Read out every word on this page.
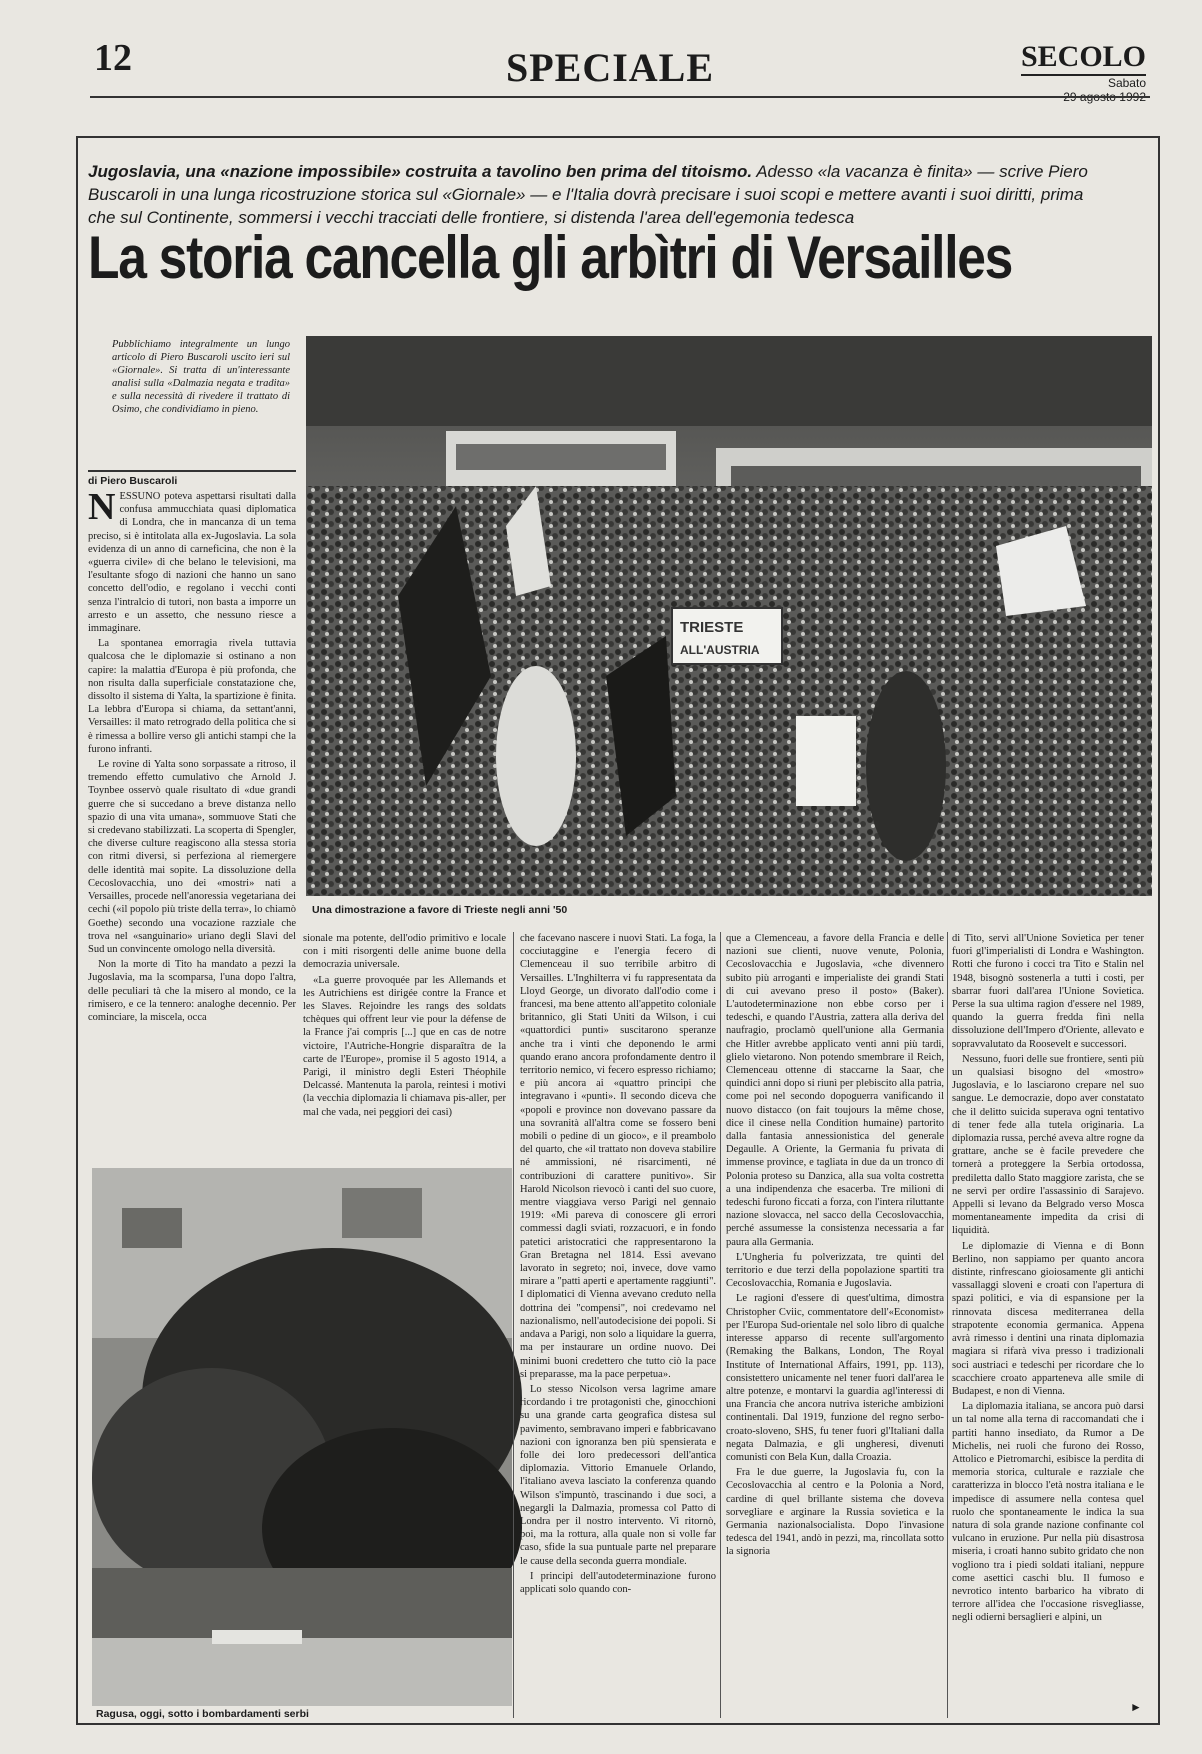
12	SPECIALE	SECOLO
Sabato
Jugoslavia, una «nazione impossibile» costruita a tavolino ben prima del titoismo. Adesso «la vacanza è finita» — scrive Piero Buscaroli in una lunga ricostruzione storica sul «Giornale» — e l'Italia dovrà precisare i suoi scopi e mettere avanti i suoi diritti, prima che sul Continente, sommersi i vecchi tracciati delle frontiere, si distenda l'area dell'egemonia tedesca
La storia cancella gli arbìtri di Versailles
Pubblichiamo integralmente un lungo articolo di Piero Buscaroli uscito ieri sul «Giornale». Si tratta di un'interessante analisi sulla «Dalmazia negata e tradita» e sulla necessità di rivedere il trattato di Osimo, che condividiamo in pieno.
di Piero Buscaroli
TRIESTE
ALL'AUSTRIA
Una dimostrazione a favore di Trieste negli anni '50
N ESSUNO poteva aspettarsi risultati dalla confusa ammucchiata quasi diplomatica di Londra, che in mancanza di un tema preciso, si è intitolata alla ex-Jugoslavia. La sola evidenza di un anno di carneficina, che non è la «guerra civile» di che belano le televisioni, ma l'esultante sfogo di nazioni che hanno un sano concetto dell'odio, e regolano i vecchi conti senza l'intralcio di tutori, non basta a imporre un arresto e un assetto, che nessuno riesce a immaginare.

La spontanea emorragia rivela tuttavia qualcosa che le diplomazie si ostinano a non capire: la malattia d'Europa è più profonda, che non risulta dalla superficiale constatazione che, dissolto il sistema di Yalta, la spartizione è finita. La lebbra d'Europa si chiama, da settant'anni, Versailles: il mato retrogrado della politica che si è rimessa a bollire verso gli antichi stampi che la furono infranti.

Le rovine di Yalta sono sorpassate a ritroso, il tremendo effetto cumulativo che Arnold J. Toynbee osservò quale risultato di «due grandi guerre che si succedano a breve distanza nello spazio di una vita umana», sommuove Stati che si credevano stabilizzati. La scoperta di Spengler, che diverse culture reagiscono alla stessa storia con ritmi diversi, si perfeziona al riemergere delle identità mai sopite. La dissoluzione della Cecoslovacchia, uno dei «mostri» nati a Versailles, procede nell'anoressia vegetariana dei cechi («il popolo più triste della terra», lo chiamò Goethe) secondo una vocazione razziale che trova nel «sanguinario» uriano degli Slavi del Sud un convincente omologo nella diversità.

Non la morte di Tito ha mandato a pezzi la Jugoslavia, ma la scomparsa, l'una dopo l'altra, delle peculiari tà che la misero al mondo, ce la rimisero, e ce la tennero: analoghe decennio. Per cominciare, la miscela, occa

sionale ma potente, dell'odio primitivo e locale con i miti risorgenti delle anime buone della democrazia universale.

«La guerre provoquée par les Allemands et les Autrichiens est dirigée contre la France et les Slaves. Rejoindre les rangs des soldats tchèques qui offrent leur vie pour la défense de la France j'ai compris [...] que en cas de notre victoire, l'Autriche-Hongrie disparaîtra de la carte de l'Europe», promise il 5 agosto 1914, a Parigi, il ministro degli Esteri Théophile Delcassé. Mantenuta la parola, reintesi i motivi (la vecchia diplomazia li chiamava pis-aller, per mal che vada, nei peggiori dei casi)

Ragusa, oggi, sotto i bombardamenti serbi

che facevano nascere i nuovi Stati. La foga, la cocciutaggine e l'energia fecero di Clemenceau il suo terribile arbitro di Versailles. L'Inghilterra vi fu rappresentata da Lloyd George, un divorato dall'odio come i francesi, ma bene attento all'appetito coloniale britannico, gli Stati Uniti da Wilson, i cui «quattordici punti» suscitarono speranze anche tra i vinti che deponendo le armi quando erano ancora profondamente dentro il territorio nemico, vi fecero espresso richiamo; e più ancora ai «quattro principi che integravano i «punti». Il secondo diceva che «popoli e province non dovevano passare da una sovranità all'altra come se fossero beni mobili o pedine di un gioco», e il preambolo del quarto, che «il trattato non doveva stabilire né ammissioni, né risarcimenti, né contribuzioni di carattere punitivo». Sir Harold Nicolson rievocò i canti del suo cuore, mentre viaggiava verso Parigi nel gennaio 1919: «Mi pareva di conoscere gli errori commessi dagli sviati, rozzacuori, e in fondo patetici aristocratici che rappresentarono la Gran Bretagna nel 1814. Essi avevano lavorato in segreto; noi, invece, dove vamo mirare a "patti aperti e apertamente raggiunti". I diplomatici di Vienna avevano creduto nella dottrina dei "compensi", noi credevamo nel nazionalismo, nell'autodecisione dei popoli. Si andava a Parigi, non solo a liquidare la guerra, ma per instaurare un ordine nuovo. Dei minimi buoni credettero che tutto ciò la pace si preparasse, ma la pace perpetua».

Lo stesso Nicolson versa lagrime amare ricordando i tre protagonisti che, ginocchioni su una grande carta geografica distesa sul pavimento, sembravano imperi e fabbricavano nazioni con ignoranza ben più spensierata e folle dei loro predecessori dell'antica diplomazia. Vittorio Emanuele Orlando, l'italiano aveva lasciato la conferenza quando Wilson s'impuntò, trascinando i due soci, a negargli la Dalmazia, promessa col Patto di Londra per il nostro intervento. Vi ritornò, poi, ma la rottura, alla quale non si volle far caso, sfide la sua puntuale parte nel preparare le cause della seconda guerra mondiale.

I principi dell'autodeterminazione furono applicati solo quando con-

que a Clemenceau, a favore della Francia e delle nazioni sue clienti, nuove venute, Polonia, Cecoslovacchia e Jugoslavia, «che divennero subito più arroganti e imperialiste dei grandi Stati di cui avevano preso il posto» (Baker). L'autodeterminazione non ebbe corso per i tedeschi, e quando l'Austria, zattera alla deriva del naufragio, proclamò quell'unione alla Germania che Hitler avrebbe applicato venti anni più tardi, glielo vietarono. Non potendo smembrare il Reich, Clemenceau ottenne di staccarne la Saar, che quindici anni dopo si riunì per plebiscito alla patria, come poi nel secondo dopoguerra vanificando il nuovo distacco (on fait toujours la même chose, dice il cinese nella Condition humaine) partorito dalla fantasia annessionistica del generale Degaulle. A Oriente, la Germania fu privata di immense province, e tagliata in due da un tronco di Polonia proteso su Danzica, alla sua volta costretta a una indipendenza che esacerba. Tre milioni di tedeschi furono ficcati a forza, con l'intera riluttante nazione slovacca, nel sacco della Cecoslovacchia, perché assumesse la consistenza necessaria a far paura alla Germania.

L'Ungheria fu polverizzata, tre quinti del territorio e due terzi della popolazione spartiti tra Cecoslovacchia, Romania e Jugoslavia.

Le ragioni d'essere di quest'ultima, dimostra Christopher Cviic, commentatore dell'«Economist» per l'Europa Sud-orientale nel solo libro di qualche interesse apparso di recente sull'argomento (Remaking the Balkans, London, The Royal Institute of International Affairs, 1991, pp. 113), consistettero unicamente nel tener fuori dall'area le altre potenze, e montarvi la guardia agl'interessi di una Francia che ancora nutriva isteriche ambizioni continentali. Dal 1919, funzione del regno serbo-croato-sloveno, SHS, fu tener fuori gl'Italiani dalla negata Dalmazia, e gli ungheresi, divenuti comunisti con Bela Kun, dalla Croazia.

Fra le due guerre, la Jugoslavia fu, con la Cecoslovacchia al centro e la Polonia a Nord, cardine di quel brillante sistema che doveva sorvegliare e arginare la Russia sovietica e la Germania nazionalsocialista. Dopo l'invasione tedesca del 1941, andò in pezzi, ma, rincollata sotto la signoria

di Tito, servì all'Unione Sovietica per tener fuori gl'imperialisti di Londra e Washington. Rotti che furono i cocci tra Tito e Stalin nel 1948, bisognò sostenerla a tutti i costi, per sbarrar fuori dall'area l'Unione Sovietica. Perse la sua ultima ragion d'essere nel 1989, quando la guerra fredda finì nella dissoluzione dell'Impero d'Oriente, allevato e sopravvalutato da Roosevelt e successori.

Nessuno, fuori delle sue frontiere, sentì più un qualsiasi bisogno del «mostro» Jugoslavia, e lo lasciarono crepare nel suo sangue. Le democrazie, dopo aver constatato che il delitto suicida superava ogni tentativo di tener fede alla tutela originaria. La diplomazia russa, perché aveva altre rogne da grattare, anche se è facile prevedere che tornerà a proteggere la Serbia ortodossa, prediletta dallo Stato maggiore zarista, che se ne servì per ordire l'assassinio di Sarajevo. Appelli si levano da Belgrado verso Mosca momentaneamente impedita da crisi di liquidità.

Le diplomazie di Vienna e di Bonn Berlino, non sappiamo per quanto ancora distinte, rinfrescano gioiosamente gli antichi vassallaggi sloveni e croati con l'apertura di spazi politici, e via di espansione per la rinnovata discesa mediterranea della strapotente economia germanica. Appena avrà rimesso i dentini una rinata diplomazia magiara si rifarà viva presso i tradizionali soci austriaci e tedeschi per ricordare che lo scacchiere croato apparteneva alle smile di Budapest, e non di Vienna.

La diplomazia italiana, se ancora può darsi un tal nome alla terna di raccomandati che i partiti hanno insediato, da Rumor a De Michelis, nei ruoli che furono dei Rosso, Attolico e Pietromarchi, esibisce la perdita di memoria storica, culturale e razziale che caratterizza in blocco l'età nostra italiana e le impedisce di assumere nella contesa quel ruolo che spontaneamente le indica la sua natura di sola grande nazione confinante col vulcano in eruzione. Pur nella più disastrosa miseria, i croati hanno subito gridato che non vogliono tra i piedi soldati italiani, neppure come asettici caschi blu. Il fumoso e nevrotico intento barbarico ha vibrato di terrore all'idea che l'occasione risvegliasse, negli odierni bersaglieri e alpini, un

►
